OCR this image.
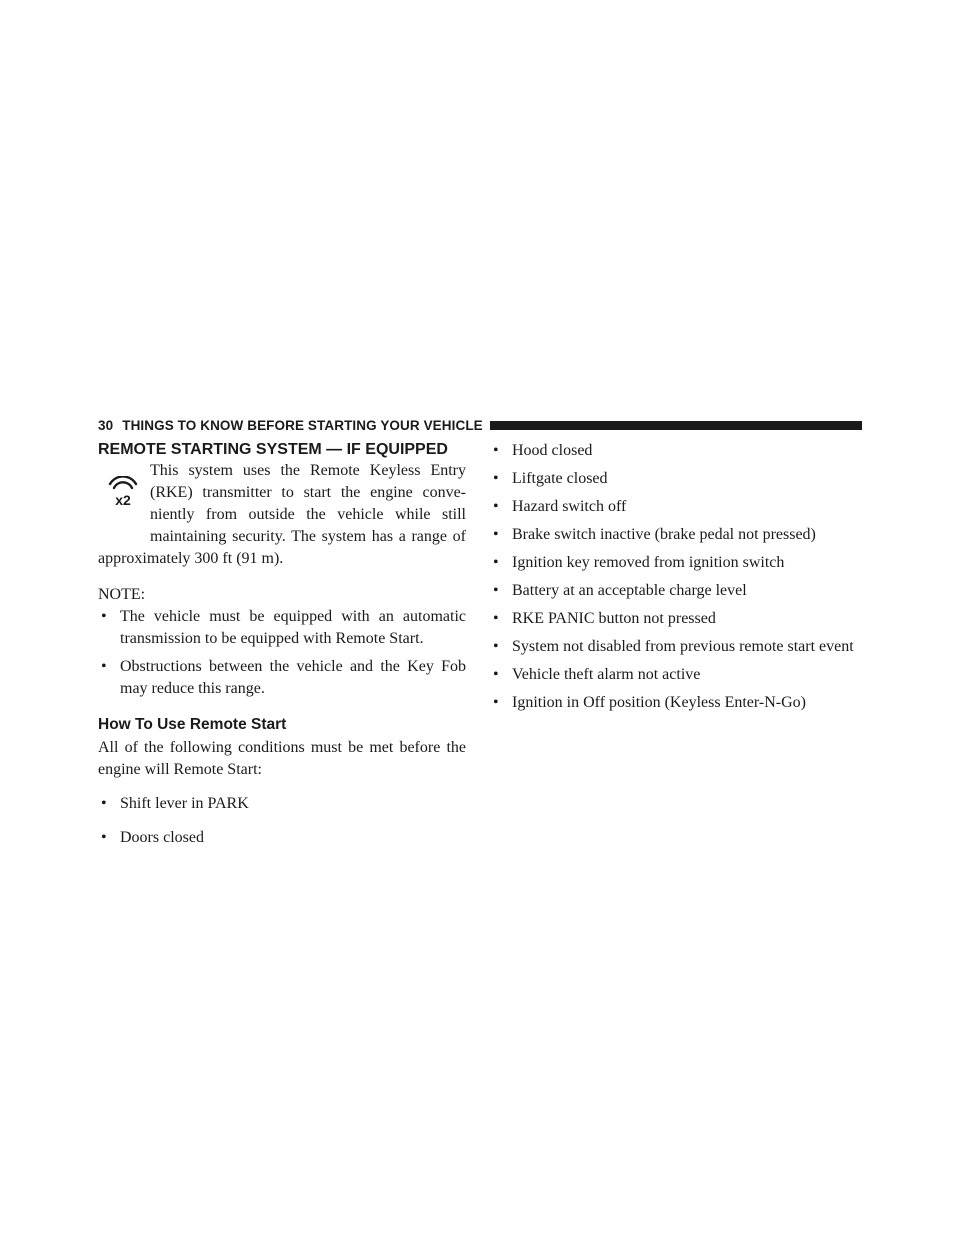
30 THINGS TO KNOW BEFORE STARTING YOUR VEHICLE
REMOTE STARTING SYSTEM — IF EQUIPPED
x2

This system uses the Remote Keyless Entry (RKE) transmitter to start the engine conve-niently from outside the vehicle while still maintaining security. The system has a range of approximately 300 ft (91 m).

NOTE:

• The vehicle must be equipped with an automatic transmission to be equipped with Remote Start.
• Obstructions between the vehicle and the Key Fob may reduce this range.
How To Use Remote Start

All of the following conditions must be met before the engine will Remote Start:

• Shift lever in PARK
• Doors closed
• Hood closed
• Liftgate closed
• Hazard switch off
• Brake switch inactive (brake pedal not pressed)
• Ignition key removed from ignition switch
• Battery at an acceptable charge level
• RKE PANIC button not pressed
• System not disabled from previous remote start event
• Vehicle theft alarm not active
• Ignition in Off position (Keyless Enter-N-Go)
